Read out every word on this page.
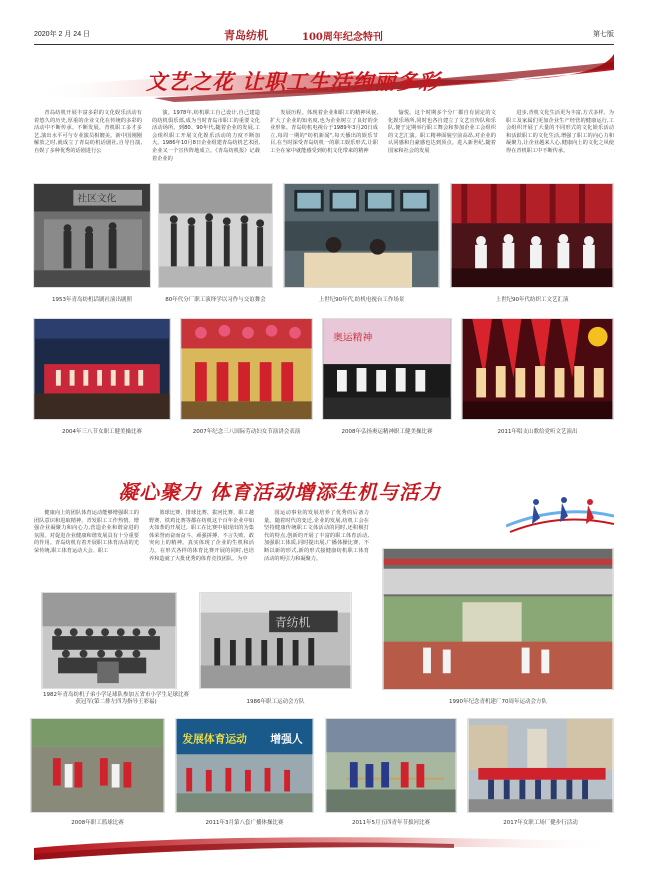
2020年 2 月 24 日	青岛纺机	100周年纪念特刊	第七版
文艺之花 让职工生活绚丽多彩

青岛纺机开展丰富多彩的文化娱乐活动有着悠久的历史,厚重的企业文化在传统的多彩的活动中不断传承。不断发展。青机职工多才多艺,演出水平可与专业演员相媲美。新中国刚刚解放之时,就成立了青岛纺机话剧社,自导自演,自娱了多种优秀的话剧进行公

演。1978年,纺机职工自己设计,自己建造的纺机俱乐部,成为当时青岛市职工的重要文化活动场所。到80、90年代,随着企业的发展,工会组织职工开展文化娱乐活动的力度不断加大。1986年10月8日企业组建青岛纺机艺术团,企业又一个宣传阵地成立。《青岛纺机报》记载着企业的

发展历程。体现着企业和职工的精神风貌,扩大了企业的知名度,也为企业树立了良好的企业形象。青岛纺机电视台于1989年3月20日成立,每周一期的"纺机新闻",每天播出的娱乐节目,在当时深受青岛纺机一的职工娱乐形式,让职工全在家中就能感受到纺机文化带来的精神

愉悦。这个时期多个分厂都自有固定的文化娱乐场所,同时也各自建立了文艺宣传队和乐队,便于定期举行职工舞会和参加企业工会组织的文艺汇演。职工精神面貌空前高昂,对企业的认同感和自豪感也达到顶点。进入新世纪,随着国家和社会的发展

进步,青机文化生活更为丰富,方式多样。为职工及家属们更加企业生产经营的健康运行,工会组织开展了大量的不同形式的文化娱乐活动和活跃职工的文化生活,增强了职工的向心力和凝聚力,让企业越来人心,健康向上的文化之风使得在青机职工中不断传承。

社区文化
1953年青岛纺机话剧社演出剧照	80年代分厂职工演绎学以习作与交谊舞会	上世纪90年代,纺机电视台工作场景	上世纪90年代纺织工文艺汇演
奥运精神
2004年三八节女职工健美操比赛	2007年纪念三八国际劳动妇女节演讲会表演	2008年弘扬奥运精神职工健美操比赛	2011年唱支山歌给党听文艺演出
凝心聚力 体育活动增添生机与活力

健康向上的团队体育运动能够增强职工的团队意识和进取精神。青发职工工作热情。增强企业凝聚力和向心力,营造企业和谐奋进的氛围。对促进企业健康和谐发展具有十分重要的作用。青岛纺机有着开展职工体育活动的光荣传统,职工体育运动大会、职工

篮球比赛、排球比赛、拔河比赛、职工越野赛、铁鸡比赛等都在纺机这个百年企业中如火如荼的开展过。职工在比赛中展现出的为集体荣誉而奋而奋斗、顽强拼搏、不言失败、敢突向上的精神。真实体现了企业的生机和活力。在形式各样的体育比赛开展的同时,也培养和造就了大批优秀的体育竞技团队。为中

国运动事业的发展培养了优秀的后备力量。随着时代的变迁,企业的发展,纺机工会在坚持健康传统职工文体活动的同时,还积极打代的特点,创新的开展了丰富的职工体育活动,加强职工体质,同时提出展,广播体操比赛、不断以新的形式,新的形式接健康纺机职工体育活动的明引力和凝聚力。

青纺机
1982年青岛纺机子弟小学足球队参加五省市小学生足球比赛获冠军(第二排左四为指导王彩福)	1986年职工运动会方队	1990年纪念青机建厂70周年运动会方队
发展体育运动 增强人
2008年职工篮球比赛	2011年3月第八套广播体操比赛	2011年5月五四青年节拔河比赛	2017年女职工场厂健步行活动
